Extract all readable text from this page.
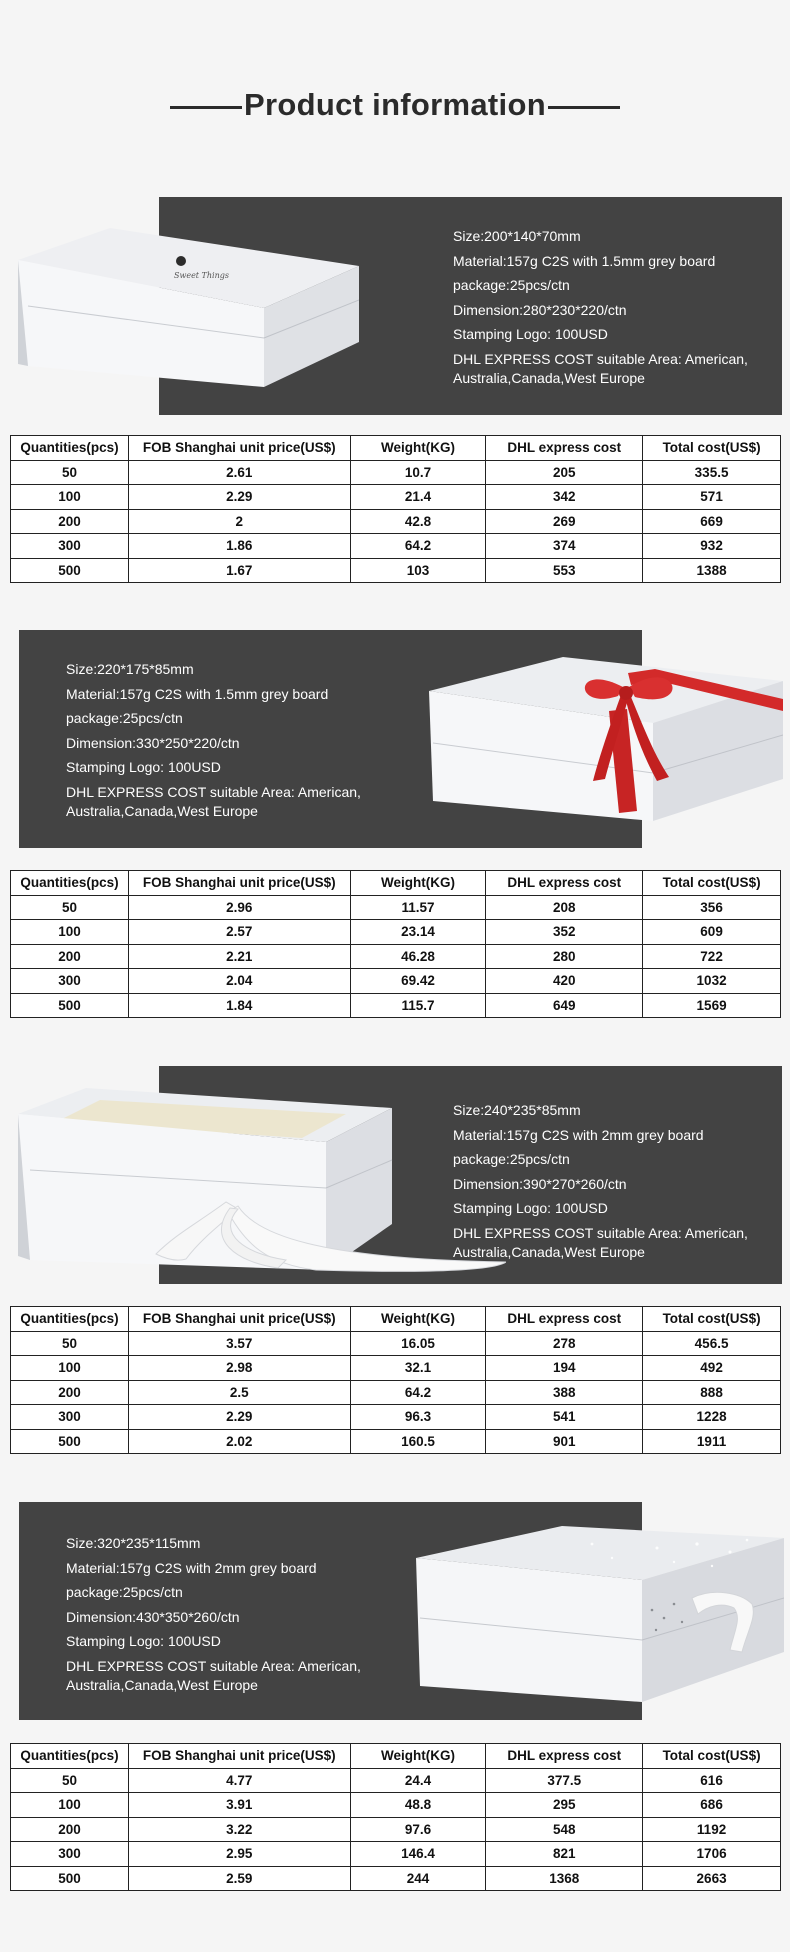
Product information
Sweet Things
Size:200*140*70mm
Material:157g C2S with 1.5mm grey board
package:25pcs/ctn
Dimension:280*230*220/ctn
Stamping Logo: 100USD
DHL EXPRESS COST suitable Area: American, Australia,Canada,West Europe
Quantities(pcs)	FOB Shanghai unit price(US$)	Weight(KG)	DHL express cost	Total cost(US$)
50	2.61	10.7	205	335.5
100	2.29	21.4	342	571
200	2	42.8	269	669
300	1.86	64.2	374	932
500	1.67	103	553	1388
Size:220*175*85mm
Material:157g C2S with 1.5mm grey board
package:25pcs/ctn
Dimension:330*250*220/ctn
Stamping Logo: 100USD
DHL EXPRESS COST suitable Area: American, Australia,Canada,West Europe
Quantities(pcs)	FOB Shanghai unit price(US$)	Weight(KG)	DHL express cost	Total cost(US$)
50	2.96	11.57	208	356
100	2.57	23.14	352	609
200	2.21	46.28	280	722
300	2.04	69.42	420	1032
500	1.84	115.7	649	1569
Size:240*235*85mm
Material:157g C2S with 2mm grey board
package:25pcs/ctn
Dimension:390*270*260/ctn
Stamping Logo: 100USD
DHL EXPRESS COST suitable Area: American, Australia,Canada,West Europe
Quantities(pcs)	FOB Shanghai unit price(US$)	Weight(KG)	DHL express cost	Total cost(US$)
50	3.57	16.05	278	456.5
100	2.98	32.1	194	492
200	2.5	64.2	388	888
300	2.29	96.3	541	1228
500	2.02	160.5	901	1911
Size:320*235*115mm
Material:157g C2S with 2mm grey board
package:25pcs/ctn
Dimension:430*350*260/ctn
Stamping Logo: 100USD
DHL EXPRESS COST suitable Area: American, Australia,Canada,West Europe
Quantities(pcs)	FOB Shanghai unit price(US$)	Weight(KG)	DHL express cost	Total cost(US$)
50	4.77	24.4	377.5	616
100	3.91	48.8	295	686
200	3.22	97.6	548	1192
300	2.95	146.4	821	1706
500	2.59	244	1368	2663
